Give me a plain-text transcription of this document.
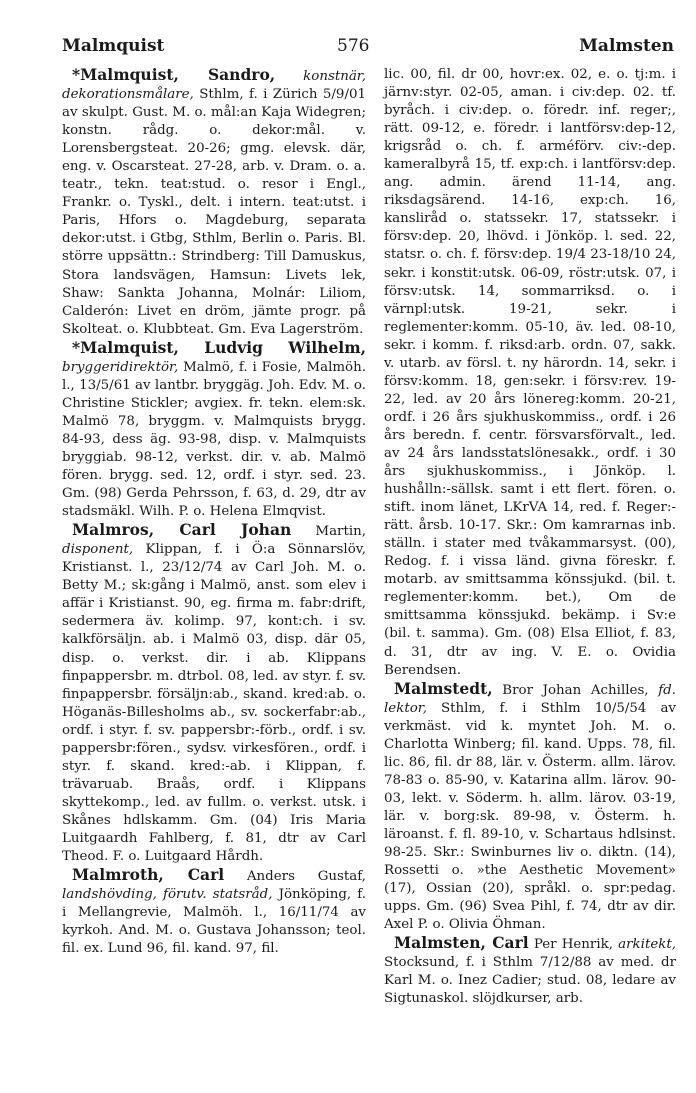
Malmquist	576	Malmsten

*Malmquist, Sandro, konstnär, dekorationsmålare, Sthlm, f. i Zürich 5/9/01 av skulpt. Gust. M. o. mål:an Kaja Widegren; konstn. rådg. o. dekor:mål. v. Lorensbergsteat. 20-26; gmg. elevsk. där, eng. v. Oscarsteat. 27-28, arb. v. Dram. o. a. teatr., tekn. teat:stud. o. resor i Engl., Frankr. o. Tyskl., delt. i intern. teat:utst. i Paris, Hfors o. Magdeburg, separata dekor:utst. i Gtbg, Sthlm, Berlin o. Paris. Bl. större uppsättn.: Strindberg: Till Damuskus, Stora landsvägen, Hamsun: Livets lek, Shaw: Sankta Johanna, Molnár: Liliom, Calderón: Livet en dröm, jämte progr. på Skolteat. o. Klubbteat. Gm. Eva Lagerström.

*Malmquist, Ludvig Wilhelm, bryggeridirektör, Malmö, f. i Fosie, Malmöh. l., 13/5/61 av lantbr. bryggäg. Joh. Edv. M. o. Christine Stickler; avgiex. fr. tekn. elem:sk. Malmö 78, bryggm. v. Malmquists brygg. 84-93, dess äg. 93-98, disp. v. Malmquists bryggiab. 98-12, verkst. dir. v. ab. Malmö fören. brygg. sed. 12, ordf. i styr. sed. 23. Gm. (98) Gerda Pehrsson, f. 63, d. 29, dtr av stadsmäkl. Wilh. P. o. Helena Elmqvist.

Malmros, Carl Johan Martin, disponent, Klippan, f. i Ö:a Sönnarslöv, Kristianst. l., 23/12/74 av Carl Joh. M. o. Betty M.; sk:gång i Malmö, anst. som elev i affär i Kristianst. 90, eg. firma m. fabr:drift, sedermera äv. kolimp. 97, kont:ch. i sv. kalkförsäljn. ab. i Malmö 03, disp. där 05, disp. o. verkst. dir. i ab. Klippans finpappersbr. m. dtrbol. 08, led. av styr. f. sv. finpappersbr. försäljn:ab., skand. kred:ab. o. Höganäs-Billesholms ab., sv. sockerfabr:ab., ordf. i styr. f. sv. pappersbr:-förb., ordf. i sv. pappersbr:fören., sydsv. virkesfören., ordf. i styr. f. skand. kred:-ab. i Klippan, f. trävaruab. Braås, ordf. i Klippans skyttekomp., led. av fullm. o. verkst. utsk. i Skånes hdlskamm. Gm. (04) Iris Maria Luitgaardh Fahlberg, f. 81, dtr av Carl Theod. F. o. Luitgaard Hårdh.

Malmroth, Carl Anders Gustaf, landshövding, förutv. statsråd, Jönköping, f. i Mellangrevie, Malmöh. l., 16/11/74 av kyrkoh. And. M. o. Gustava Johansson; teol. fil. ex. Lund 96, fil. kand. 97, fil.

lic. 00, fil. dr 00, hovr:ex. 02, e. o. tj:m. i järnv:styr. 02-05, aman. i civ:dep. 02. tf. byråch. i civ:dep. o. föredr. inf. reger;, rätt. 09-12, e. föredr. i lantförsv:dep-12, krigsråd o. ch. f. arméförv. civ:-dep. kameralbyrå 15, tf. exp:ch. i lantförsv:dep. ang. admin. ärend 11-14, ang. riksdagsärend. 14-16, exp:ch. 16, kansliråd o. statssekr. 17, statssekr. i försv:dep. 20, lhövd. i Jönköp. l. sed. 22, statsr. o. ch. f. försv:dep. 19/4 23-18/10 24, sekr. i konstit:utsk. 06-09, röstr:utsk. 07, i försv:utsk. 14, sommarriksd. o. i värnpl:utsk. 19-21, sekr. i reglementer:komm. 05-10, äv. led. 08-10, sekr. i komm. f. riksd:arb. ordn. 07, sakk. v. utarb. av försl. t. ny härordn. 14, sekr. i försv:komm. 18, gen:sekr. i försv:rev. 19-22, led. av 20 års lönereg:komm. 20-21, ordf. i 26 års sjukhuskommiss., ordf. i 26 års beredn. f. centr. försvarsförvalt., led. av 24 års landsstatslönesakk., ordf. i 30 års sjukhuskommiss., i Jönköp. l. hushålln:-sällsk. samt i ett flert. fören. o. stift. inom länet, LKrVA 14, red. f. Reger:-rätt. årsb. 10-17. Skr.: Om kamrarnas inb. ställn. i stater med tvåkammarsyst. (00), Redog. f. i vissa länd. givna föreskr. f. motarb. av smittsamma könssjukd. (bil. t. reglementer:komm. bet.), Om de smittsamma könssjukd. bekämp. i Sv:e (bil. t. samma). Gm. (08) Elsa Elliot, f. 83, d. 31, dtr av ing. V. E. o. Ovidia Berendsen.

Malmstedt, Bror Johan Achilles, fd. lektor, Sthlm, f. i Sthlm 10/5/54 av verkmäst. vid k. myntet Joh. M. o. Charlotta Winberg; fil. kand. Upps. 78, fil. lic. 86, fil. dr 88, lär. v. Österm. allm. lärov. 78-83 o. 85-90, v. Katarina allm. lärov. 90-03, lekt. v. Söderm. h. allm. lärov. 03-19, lär. v. borg:sk. 89-98, v. Österm. h. läroanst. f. fl. 89-10, v. Schartaus hdlsinst. 98-25. Skr.: Swinburnes liv o. diktn. (14), Rossetti o. »the Aesthetic Movement» (17), Ossian (20), språkl. o. spr:pedag. upps. Gm. (96) Svea Pihl, f. 74, dtr av dir. Axel P. o. Olivia Öhman.

Malmsten, Carl Per Henrik, arkitekt, Stocksund, f. i Sthlm 7/12/88 av med. dr Karl M. o. Inez Cadier; stud. 08, ledare av Sigtunaskol. slöjdkurser, arb.
